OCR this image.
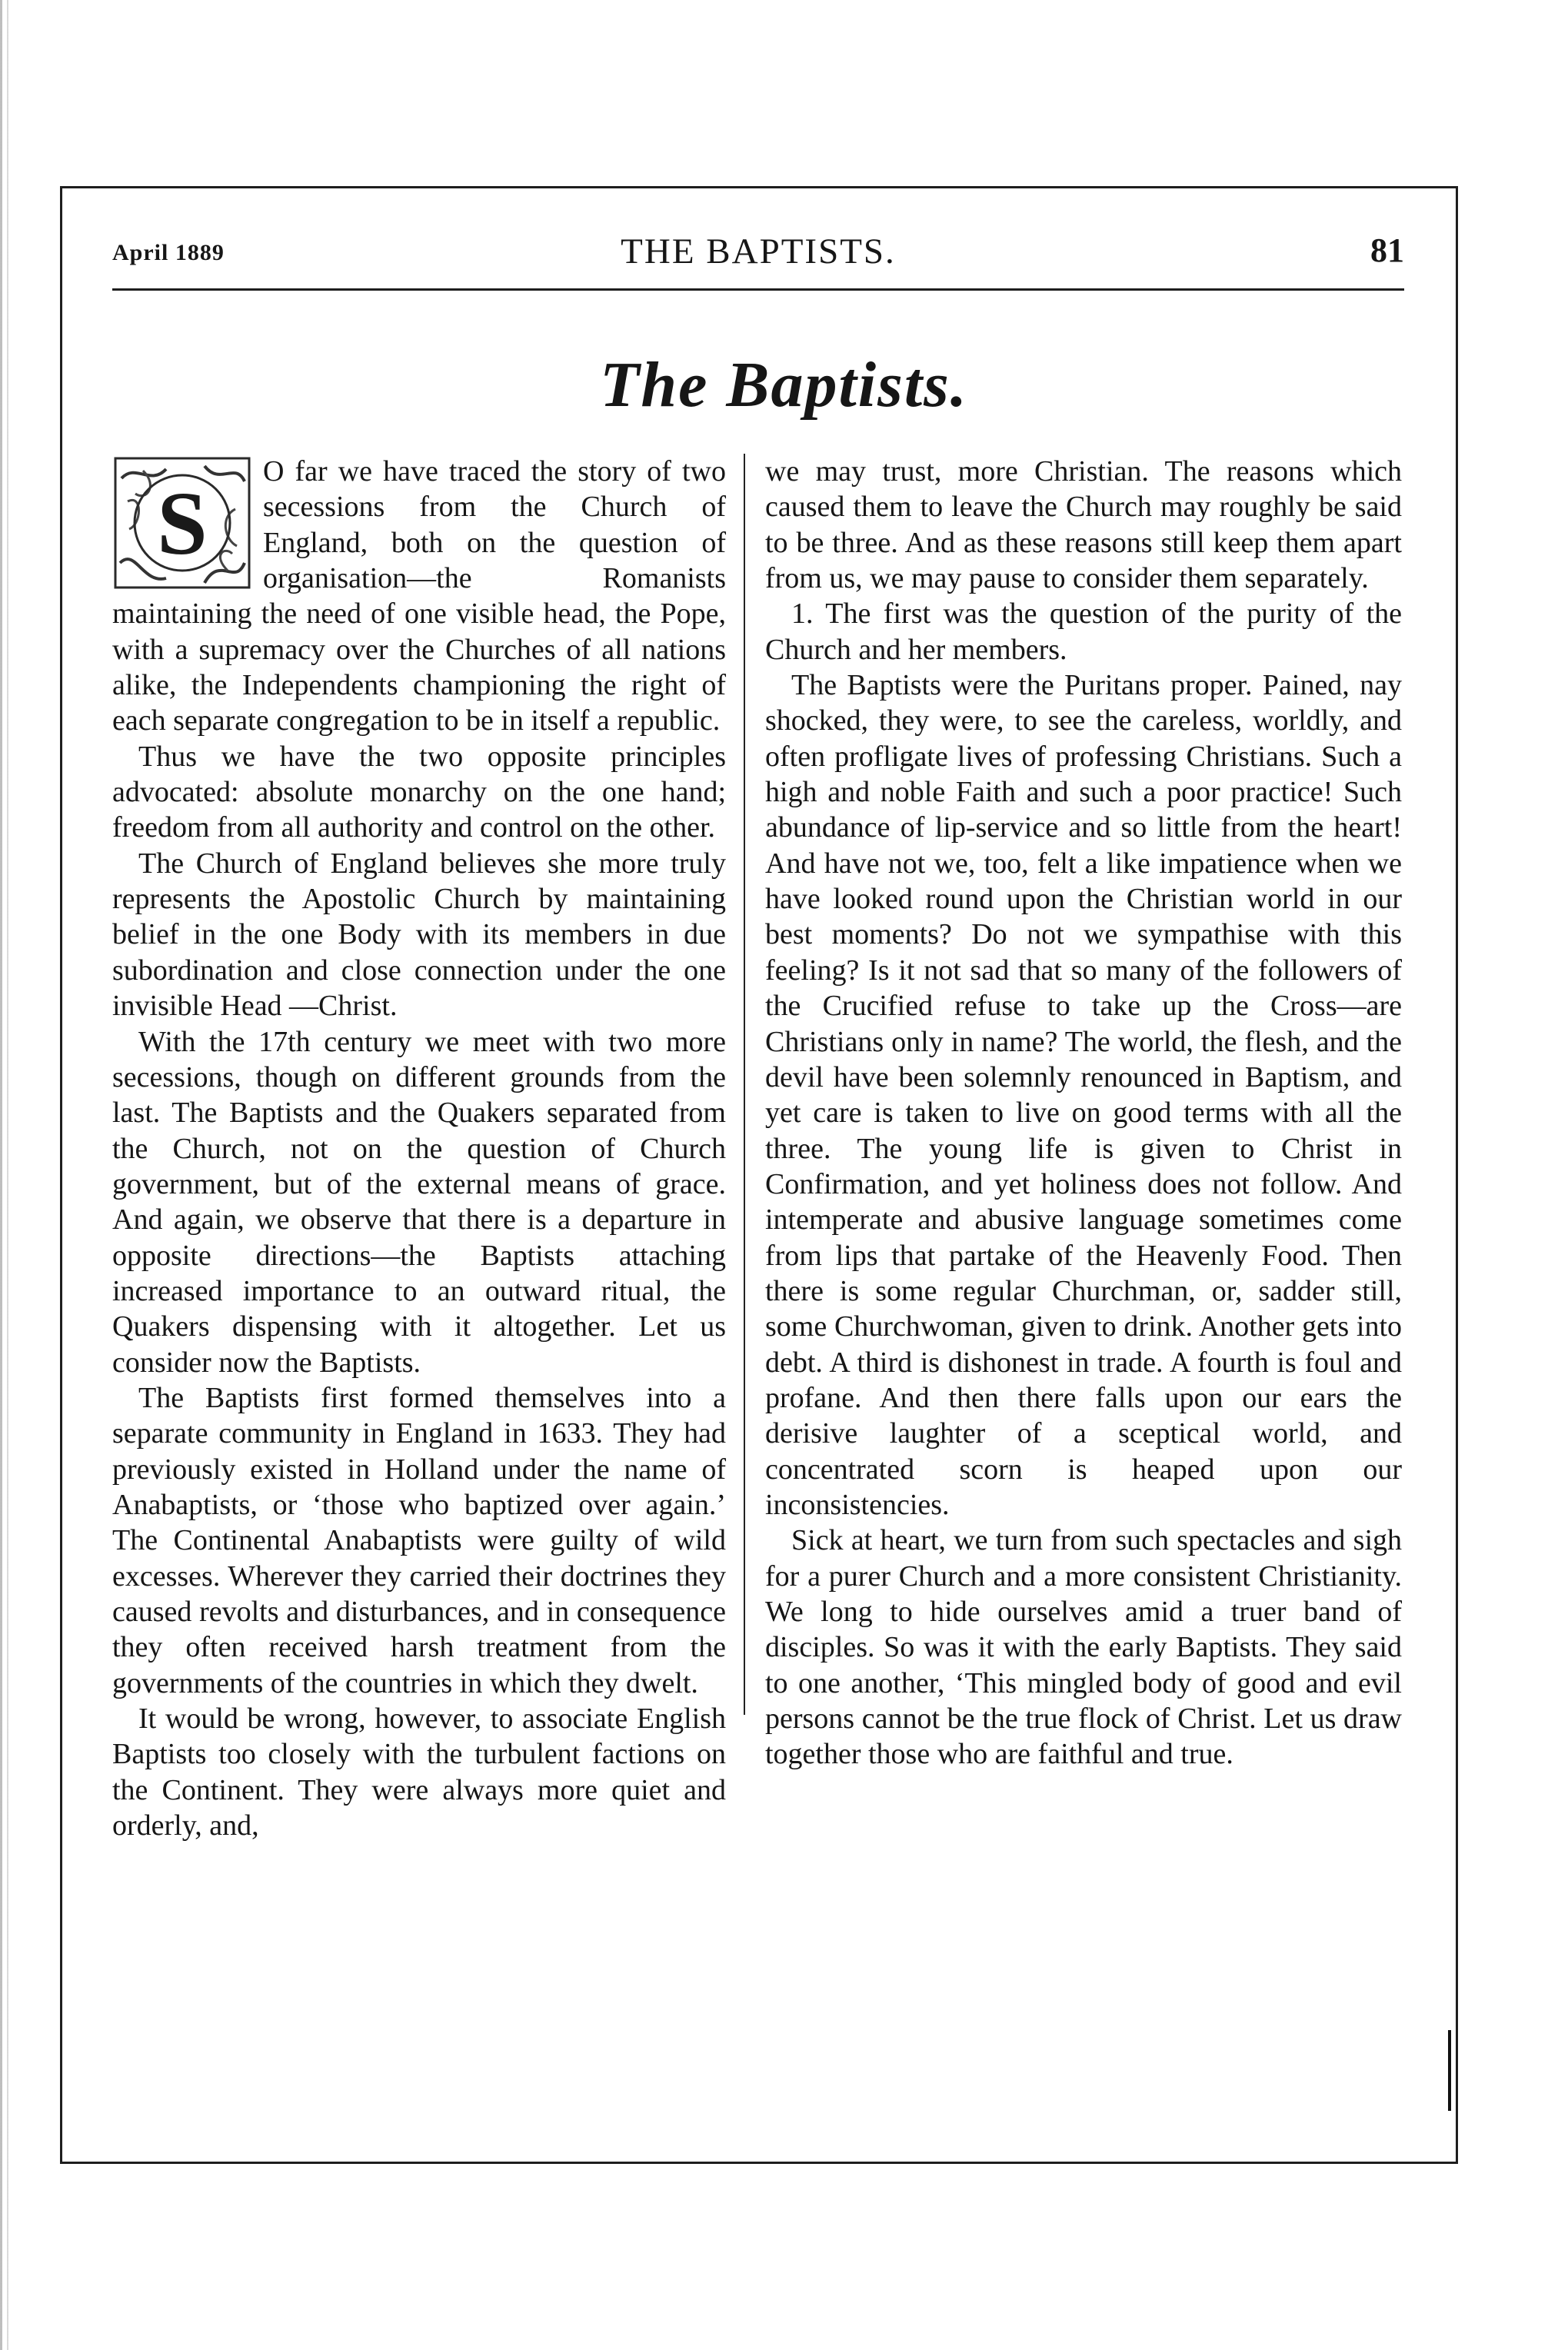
April 1889	THE BAPTISTS.	81
The Baptists.

S
O far we have traced the story of two secessions from the Church of England, both on the question of organisation—the Romanists maintaining the need of one visible head, the Pope, with a supremacy over the Churches of all nations alike, the Independents championing the right of each separate congregation to be in itself a republic.

Thus we have the two opposite principles advocated: absolute monarchy on the one hand; freedom from all authority and control on the other.

The Church of England believes she more truly represents the Apostolic Church by maintaining belief in the one Body with its members in due subordination and close connection under the one invisible Head —Christ.

With the 17th century we meet with two more secessions, though on different grounds from the last. The Baptists and the Quakers separated from the Church, not on the question of Church government, but of the external means of grace. And again, we observe that there is a departure in opposite directions—the Baptists attaching increased importance to an outward ritual, the Quakers dispensing with it altogether. Let us consider now the Baptists.

The Baptists first formed themselves into a separate community in England in 1633. They had previously existed in Holland under the name of Anabaptists, or ‘those who baptized over again.’ The Continental Anabaptists were guilty of wild excesses. Wherever they carried their doctrines they caused revolts and disturbances, and in consequence they often received harsh treatment from the governments of the countries in which they dwelt.

It would be wrong, however, to associate English Baptists too closely with the turbulent factions on the Continent. They were always more quiet and orderly, and,

we may trust, more Christian. The reasons which caused them to leave the Church may roughly be said to be three. And as these reasons still keep them apart from us, we may pause to consider them separately.

1. The first was the question of the purity of the Church and her members.

The Baptists were the Puritans proper. Pained, nay shocked, they were, to see the careless, worldly, and often profligate lives of professing Christians. Such a high and noble Faith and such a poor practice! Such abundance of lip-service and so little from the heart! And have not we, too, felt a like impatience when we have looked round upon the Christian world in our best moments? Do not we sympathise with this feeling? Is it not sad that so many of the followers of the Crucified refuse to take up the Cross—are Christians only in name? The world, the flesh, and the devil have been solemnly renounced in Baptism, and yet care is taken to live on good terms with all the three. The young life is given to Christ in Confirmation, and yet holiness does not follow. And intemperate and abusive language sometimes come from lips that partake of the Heavenly Food. Then there is some regular Churchman, or, sadder still, some Churchwoman, given to drink. Another gets into debt. A third is dishonest in trade. A fourth is foul and profane. And then there falls upon our ears the derisive laughter of a sceptical world, and concentrated scorn is heaped upon our inconsistencies.

Sick at heart, we turn from such spectacles and sigh for a purer Church and a more consistent Christianity. We long to hide ourselves amid a truer band of disciples. So was it with the early Baptists. They said to one another, ‘This mingled body of good and evil persons cannot be the true flock of Christ. Let us draw together those who are faithful and true.
